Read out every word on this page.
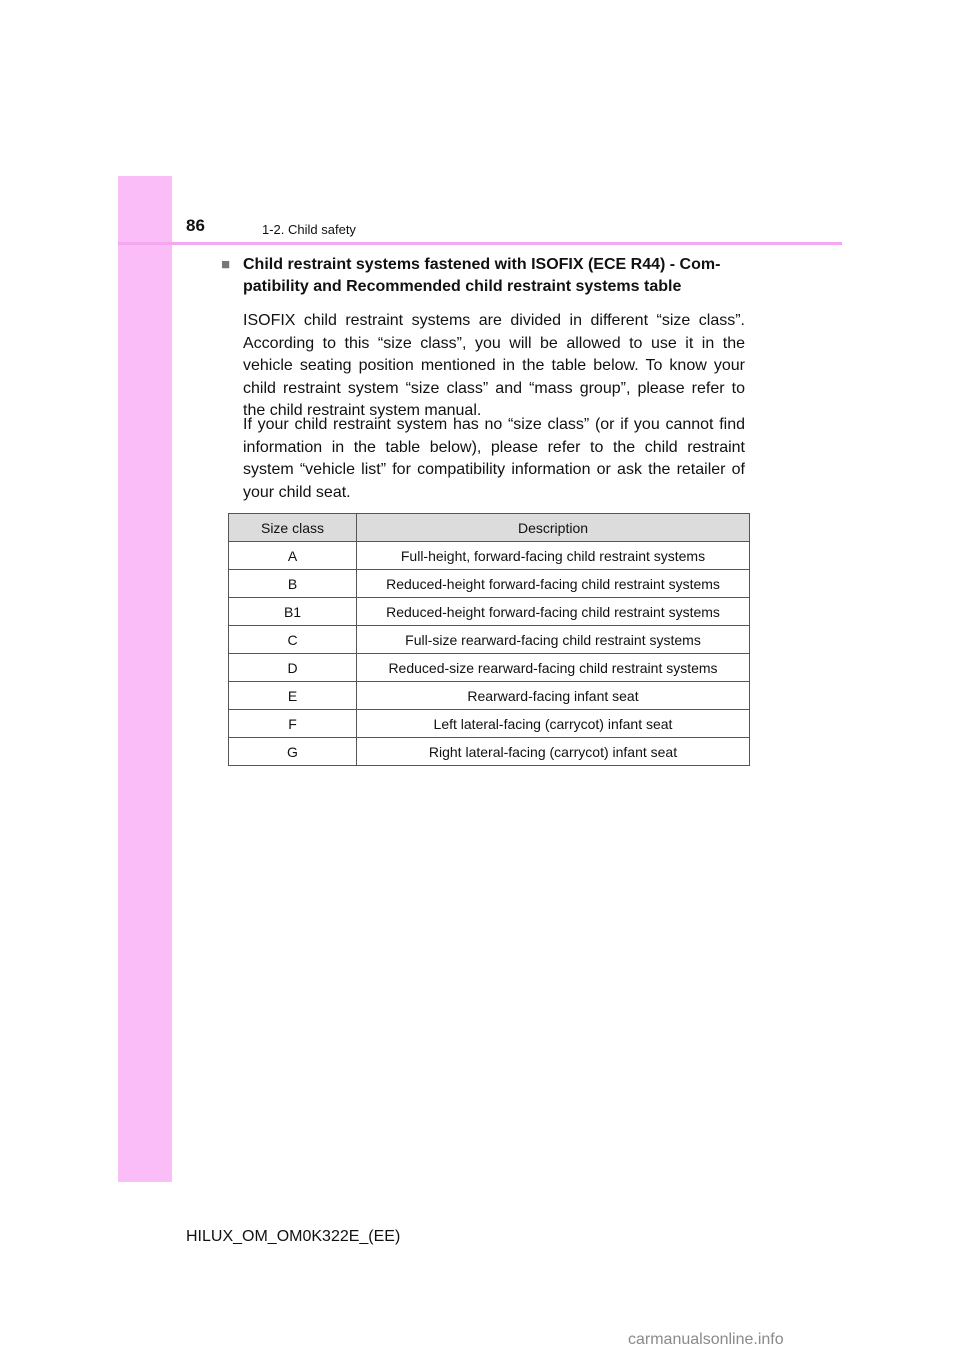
86	1-2. Child safety
■ Child restraint systems fastened with ISOFIX (ECE R44) - Com-patibility and Recommended child restraint systems table
ISOFIX child restraint systems are divided in different “size class”. According to this “size class”, you will be allowed to use it in the vehicle seating position mentioned in the table below. To know your child restraint system “size class” and “mass group”, please refer to the child restraint system manual.
If your child restraint system has no “size class” (or if you cannot find information in the table below), please refer to the child restraint system “vehicle list” for compatibility information or ask the retailer of your child seat.
Size class	Description
A	Full-height, forward-facing child restraint systems
B	Reduced-height forward-facing child restraint systems
B1	Reduced-height forward-facing child restraint systems
C	Full-size rearward-facing child restraint systems
D	Reduced-size rearward-facing child restraint systems
E	Rearward-facing infant seat
F	Left lateral-facing (carrycot) infant seat
G	Right lateral-facing (carrycot) infant seat
HILUX_OM_OM0K322E_(EE)
carmanualsonline.info
